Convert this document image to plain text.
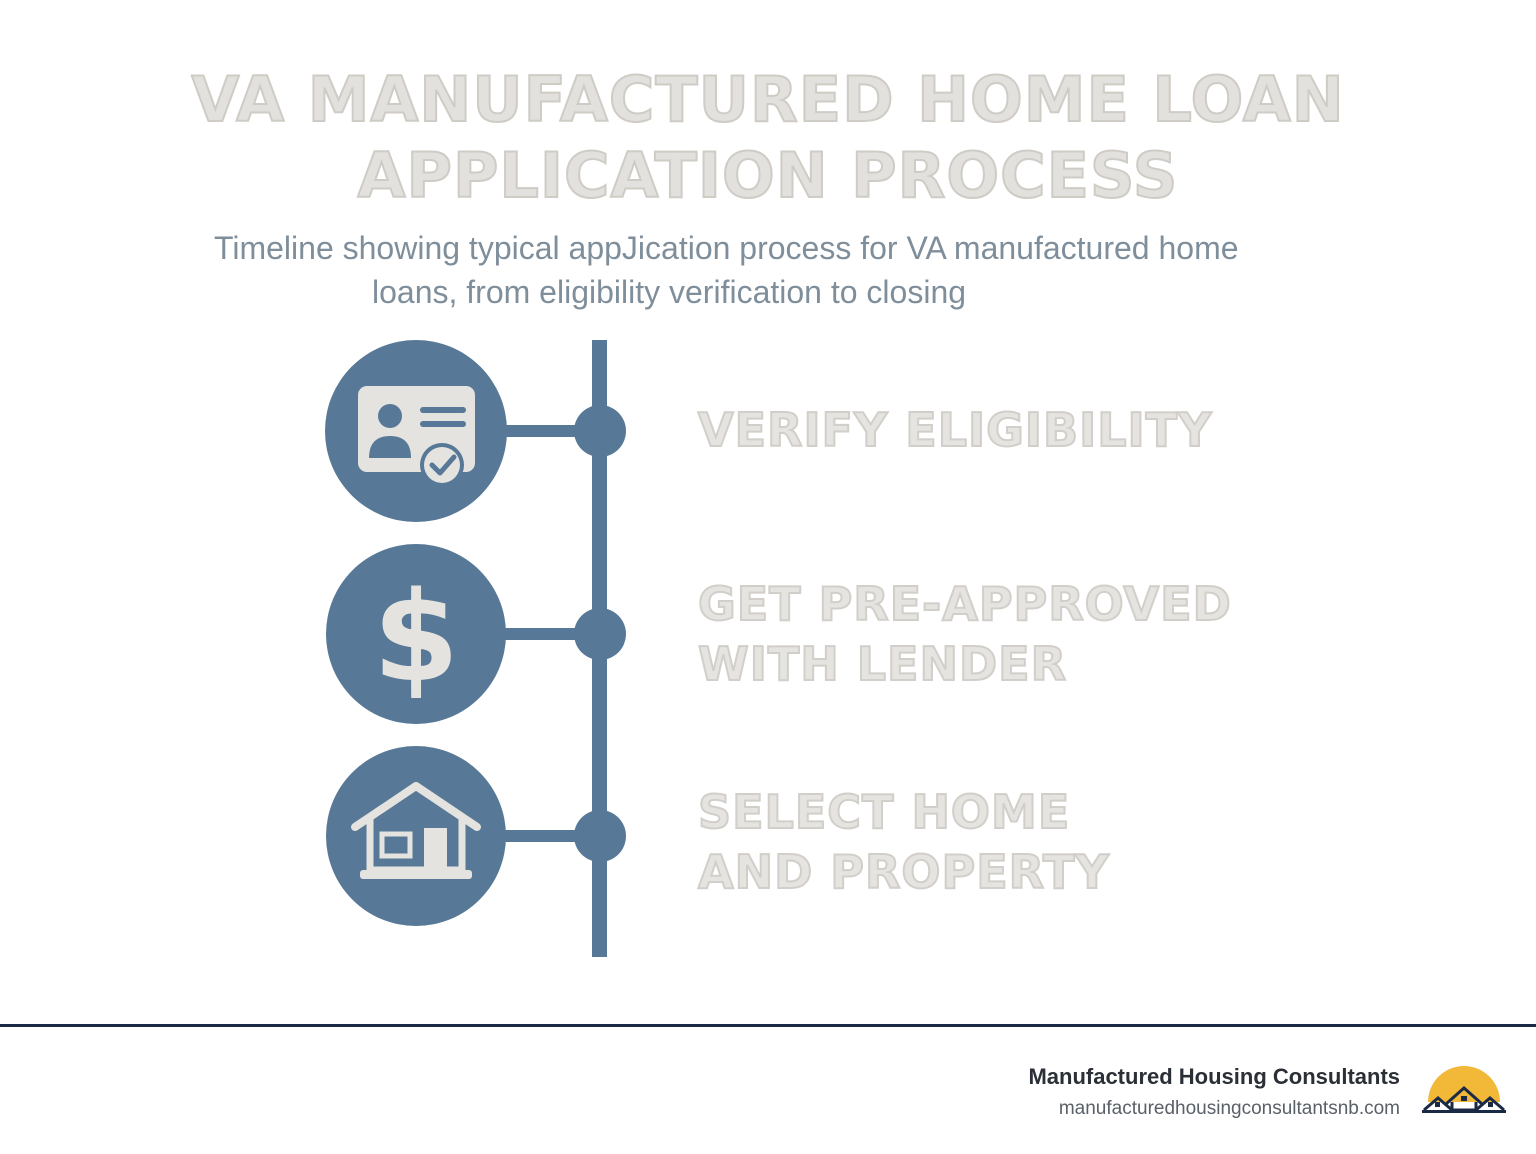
VA MANUFACTURED HOME LOAN
APPLICATION PROCESS
Timeline showing typical appJication process for VA manufactured home
loans, from eligibility verification to closing
$
VERIFY ELIGIBILITY
GET PRE-APPROVED
WITH LENDER
SELECT HOME
AND PROPERTY
Manufactured Housing Consultants
manufacturedhousingconsultantsnb.com
